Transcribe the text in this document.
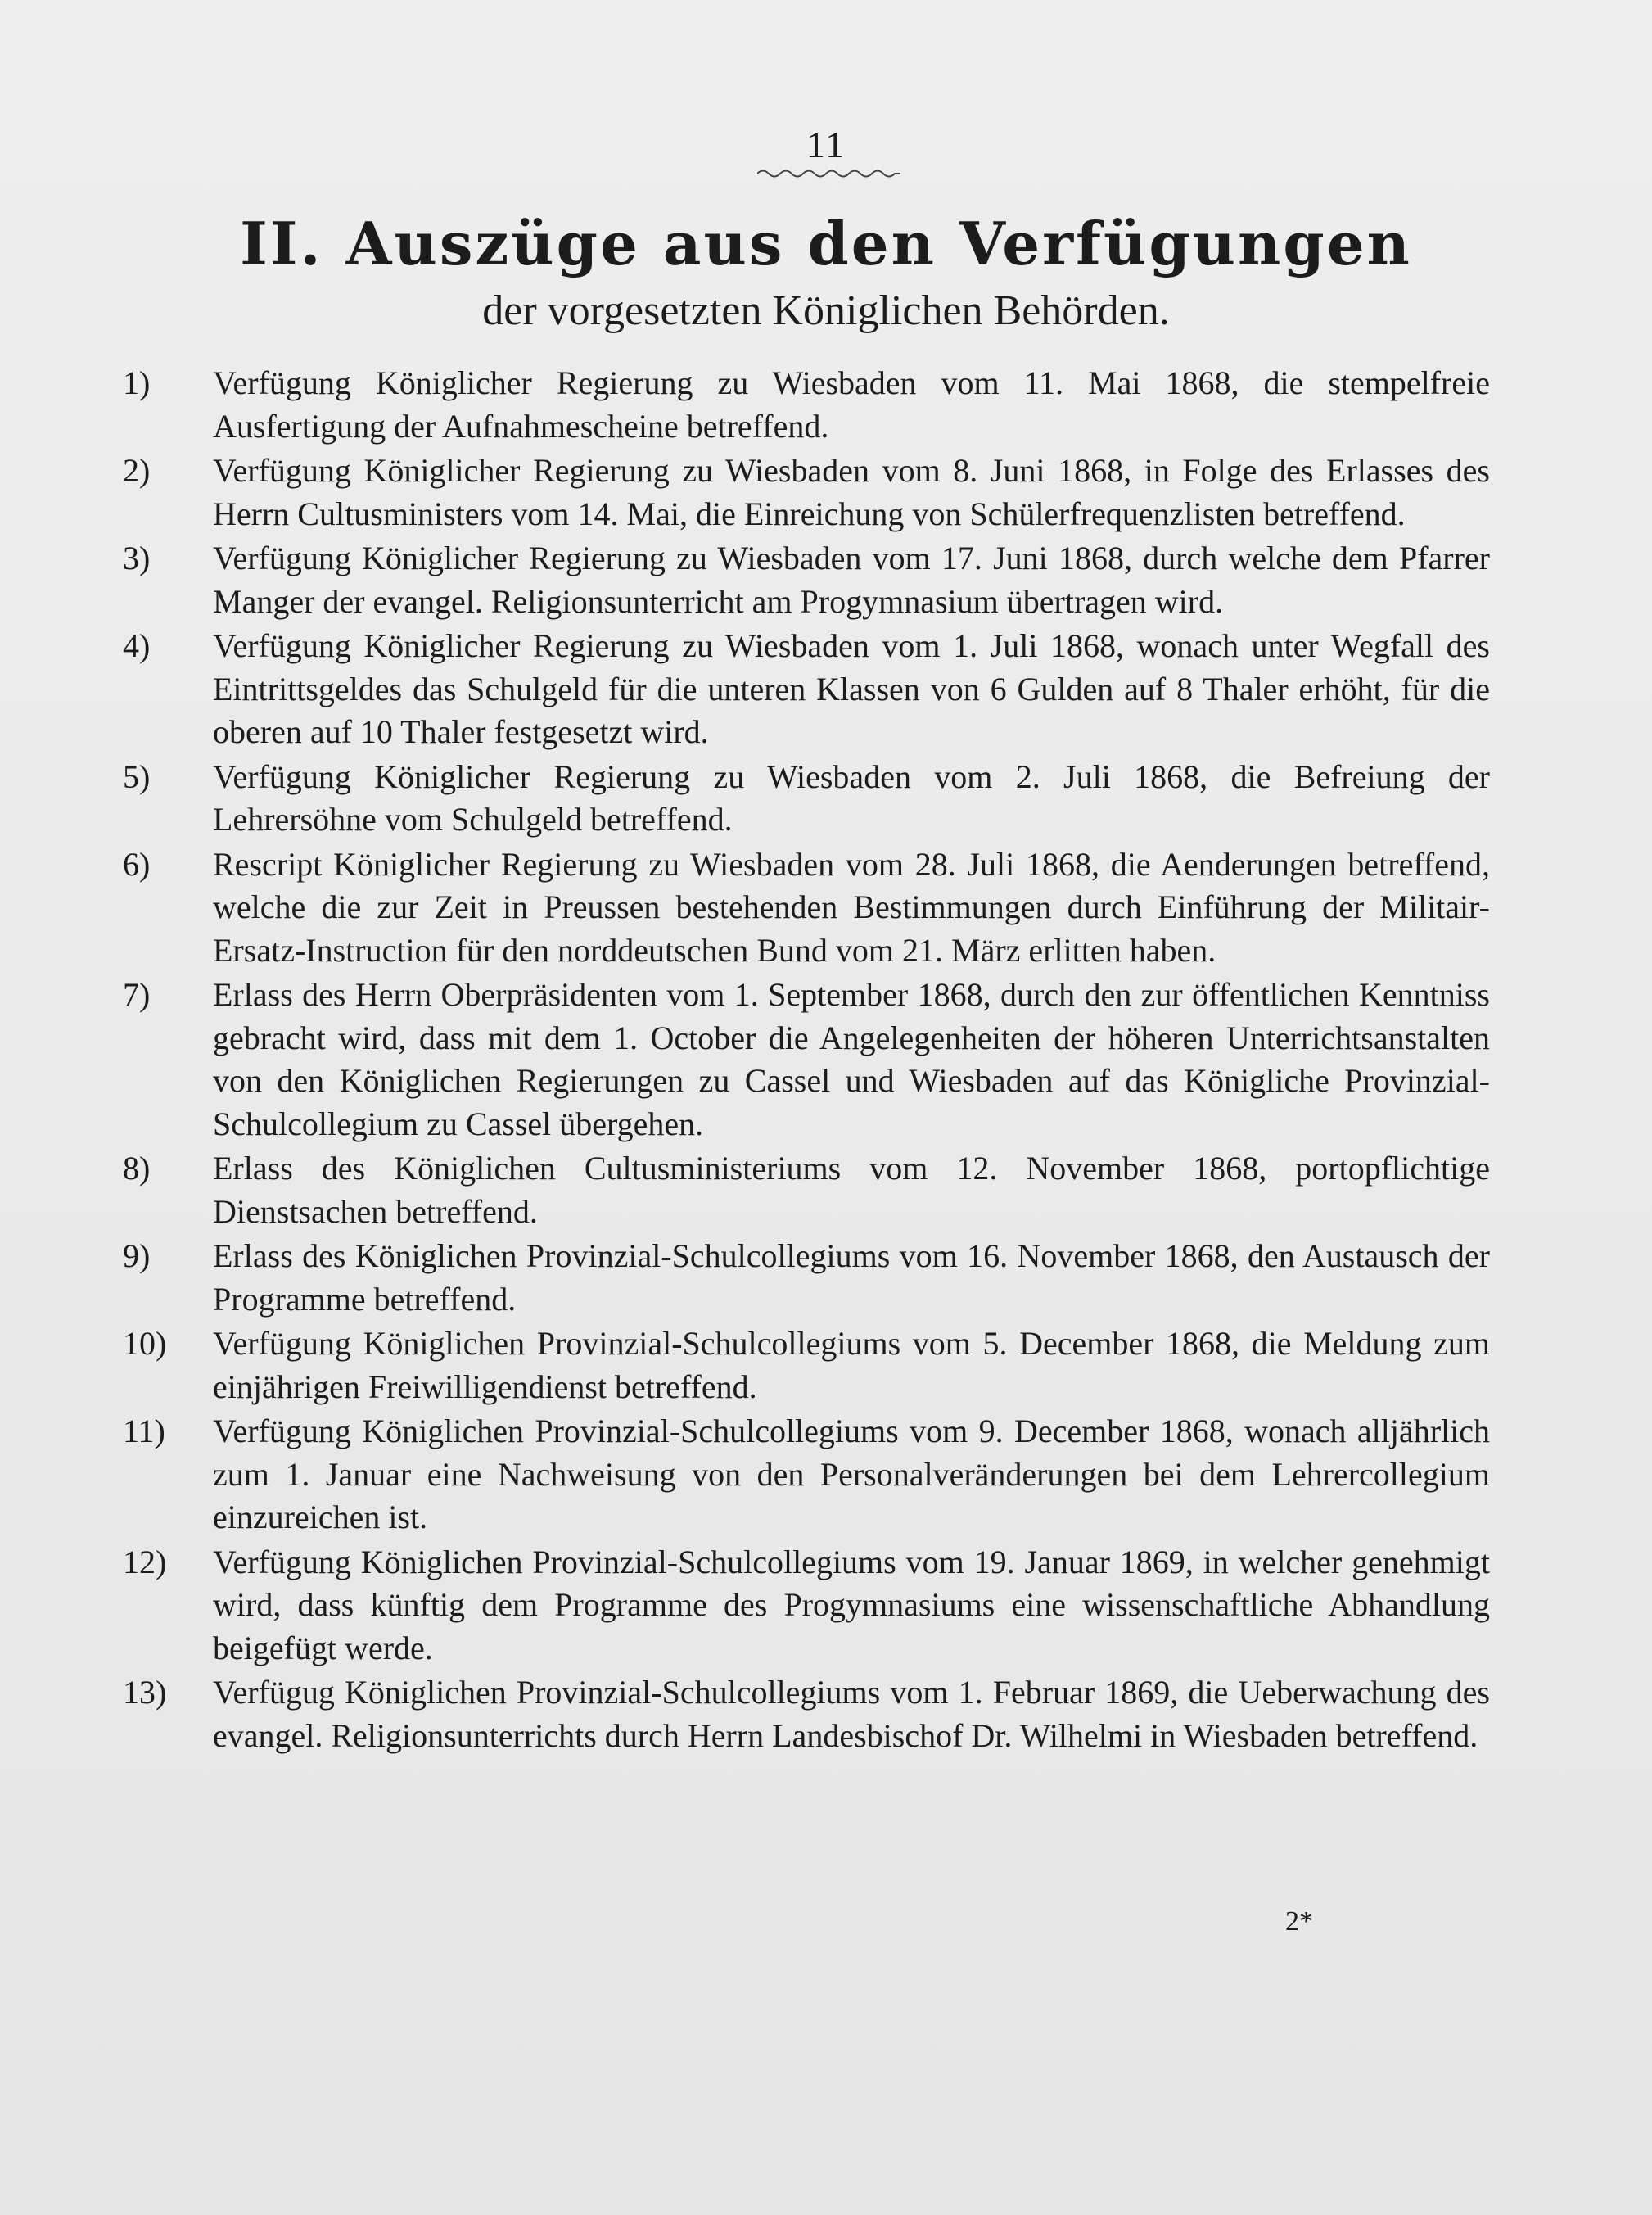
11
II. Auszüge aus den Verfügungen
der vorgesetzten Königlichen Behörden.
1)	Verfügung Königlicher Regierung zu Wiesbaden vom 11. Mai 1868, die stempelfreie Ausfertigung der Aufnahmescheine betreffend.
2)	Verfügung Königlicher Regierung zu Wiesbaden vom 8. Juni 1868, in Folge des Erlasses des Herrn Cultusministers vom 14. Mai, die Einreichung von Schülerfrequenzlisten betreffend.
3)	Verfügung Königlicher Regierung zu Wiesbaden vom 17. Juni 1868, durch welche dem Pfarrer Manger der evangel. Religionsunterricht am Progymnasium übertragen wird.
4)	Verfügung Königlicher Regierung zu Wiesbaden vom 1. Juli 1868, wonach unter Wegfall des Eintrittsgeldes das Schulgeld für die unteren Klassen von 6 Gulden auf 8 Thaler erhöht, für die oberen auf 10 Thaler festgesetzt wird.
5)	Verfügung Königlicher Regierung zu Wiesbaden vom 2. Juli 1868, die Befreiung der Lehrersöhne vom Schulgeld betreffend.
6)	Rescript Königlicher Regierung zu Wiesbaden vom 28. Juli 1868, die Aenderungen betreffend, welche die zur Zeit in Preussen bestehenden Bestimmungen durch Einführung der Militair-Ersatz-Instruction für den norddeutschen Bund vom 21. März erlitten haben.
7)	Erlass des Herrn Oberpräsidenten vom 1. September 1868, durch den zur öffentlichen Kenntniss gebracht wird, dass mit dem 1. October die Angelegenheiten der höheren Unterrichtsanstalten von den Königlichen Regierungen zu Cassel und Wiesbaden auf das Königliche Provinzial-Schulcollegium zu Cassel übergehen.
8)	Erlass des Königlichen Cultusministeriums vom 12. November 1868, portopflichtige Dienstsachen betreffend.
9)	Erlass des Königlichen Provinzial-Schulcollegiums vom 16. November 1868, den Austausch der Programme betreffend.
10)	Verfügung Königlichen Provinzial-Schulcollegiums vom 5. December 1868, die Meldung zum einjährigen Freiwilligendienst betreffend.
11)	Verfügung Königlichen Provinzial-Schulcollegiums vom 9. December 1868, wonach alljährlich zum 1. Januar eine Nachweisung von den Personalveränderungen bei dem Lehrercollegium einzureichen ist.
12)	Verfügung Königlichen Provinzial-Schulcollegiums vom 19. Januar 1869, in welcher genehmigt wird, dass künftig dem Programme des Progymnasiums eine wissenschaftliche Abhandlung beigefügt werde.
13)	Verfügug Königlichen Provinzial-Schulcollegiums vom 1. Februar 1869, die Ueberwachung des evangel. Religionsunterrichts durch Herrn Landesbischof Dr. Wilhelmi in Wiesbaden betreffend.
2*
